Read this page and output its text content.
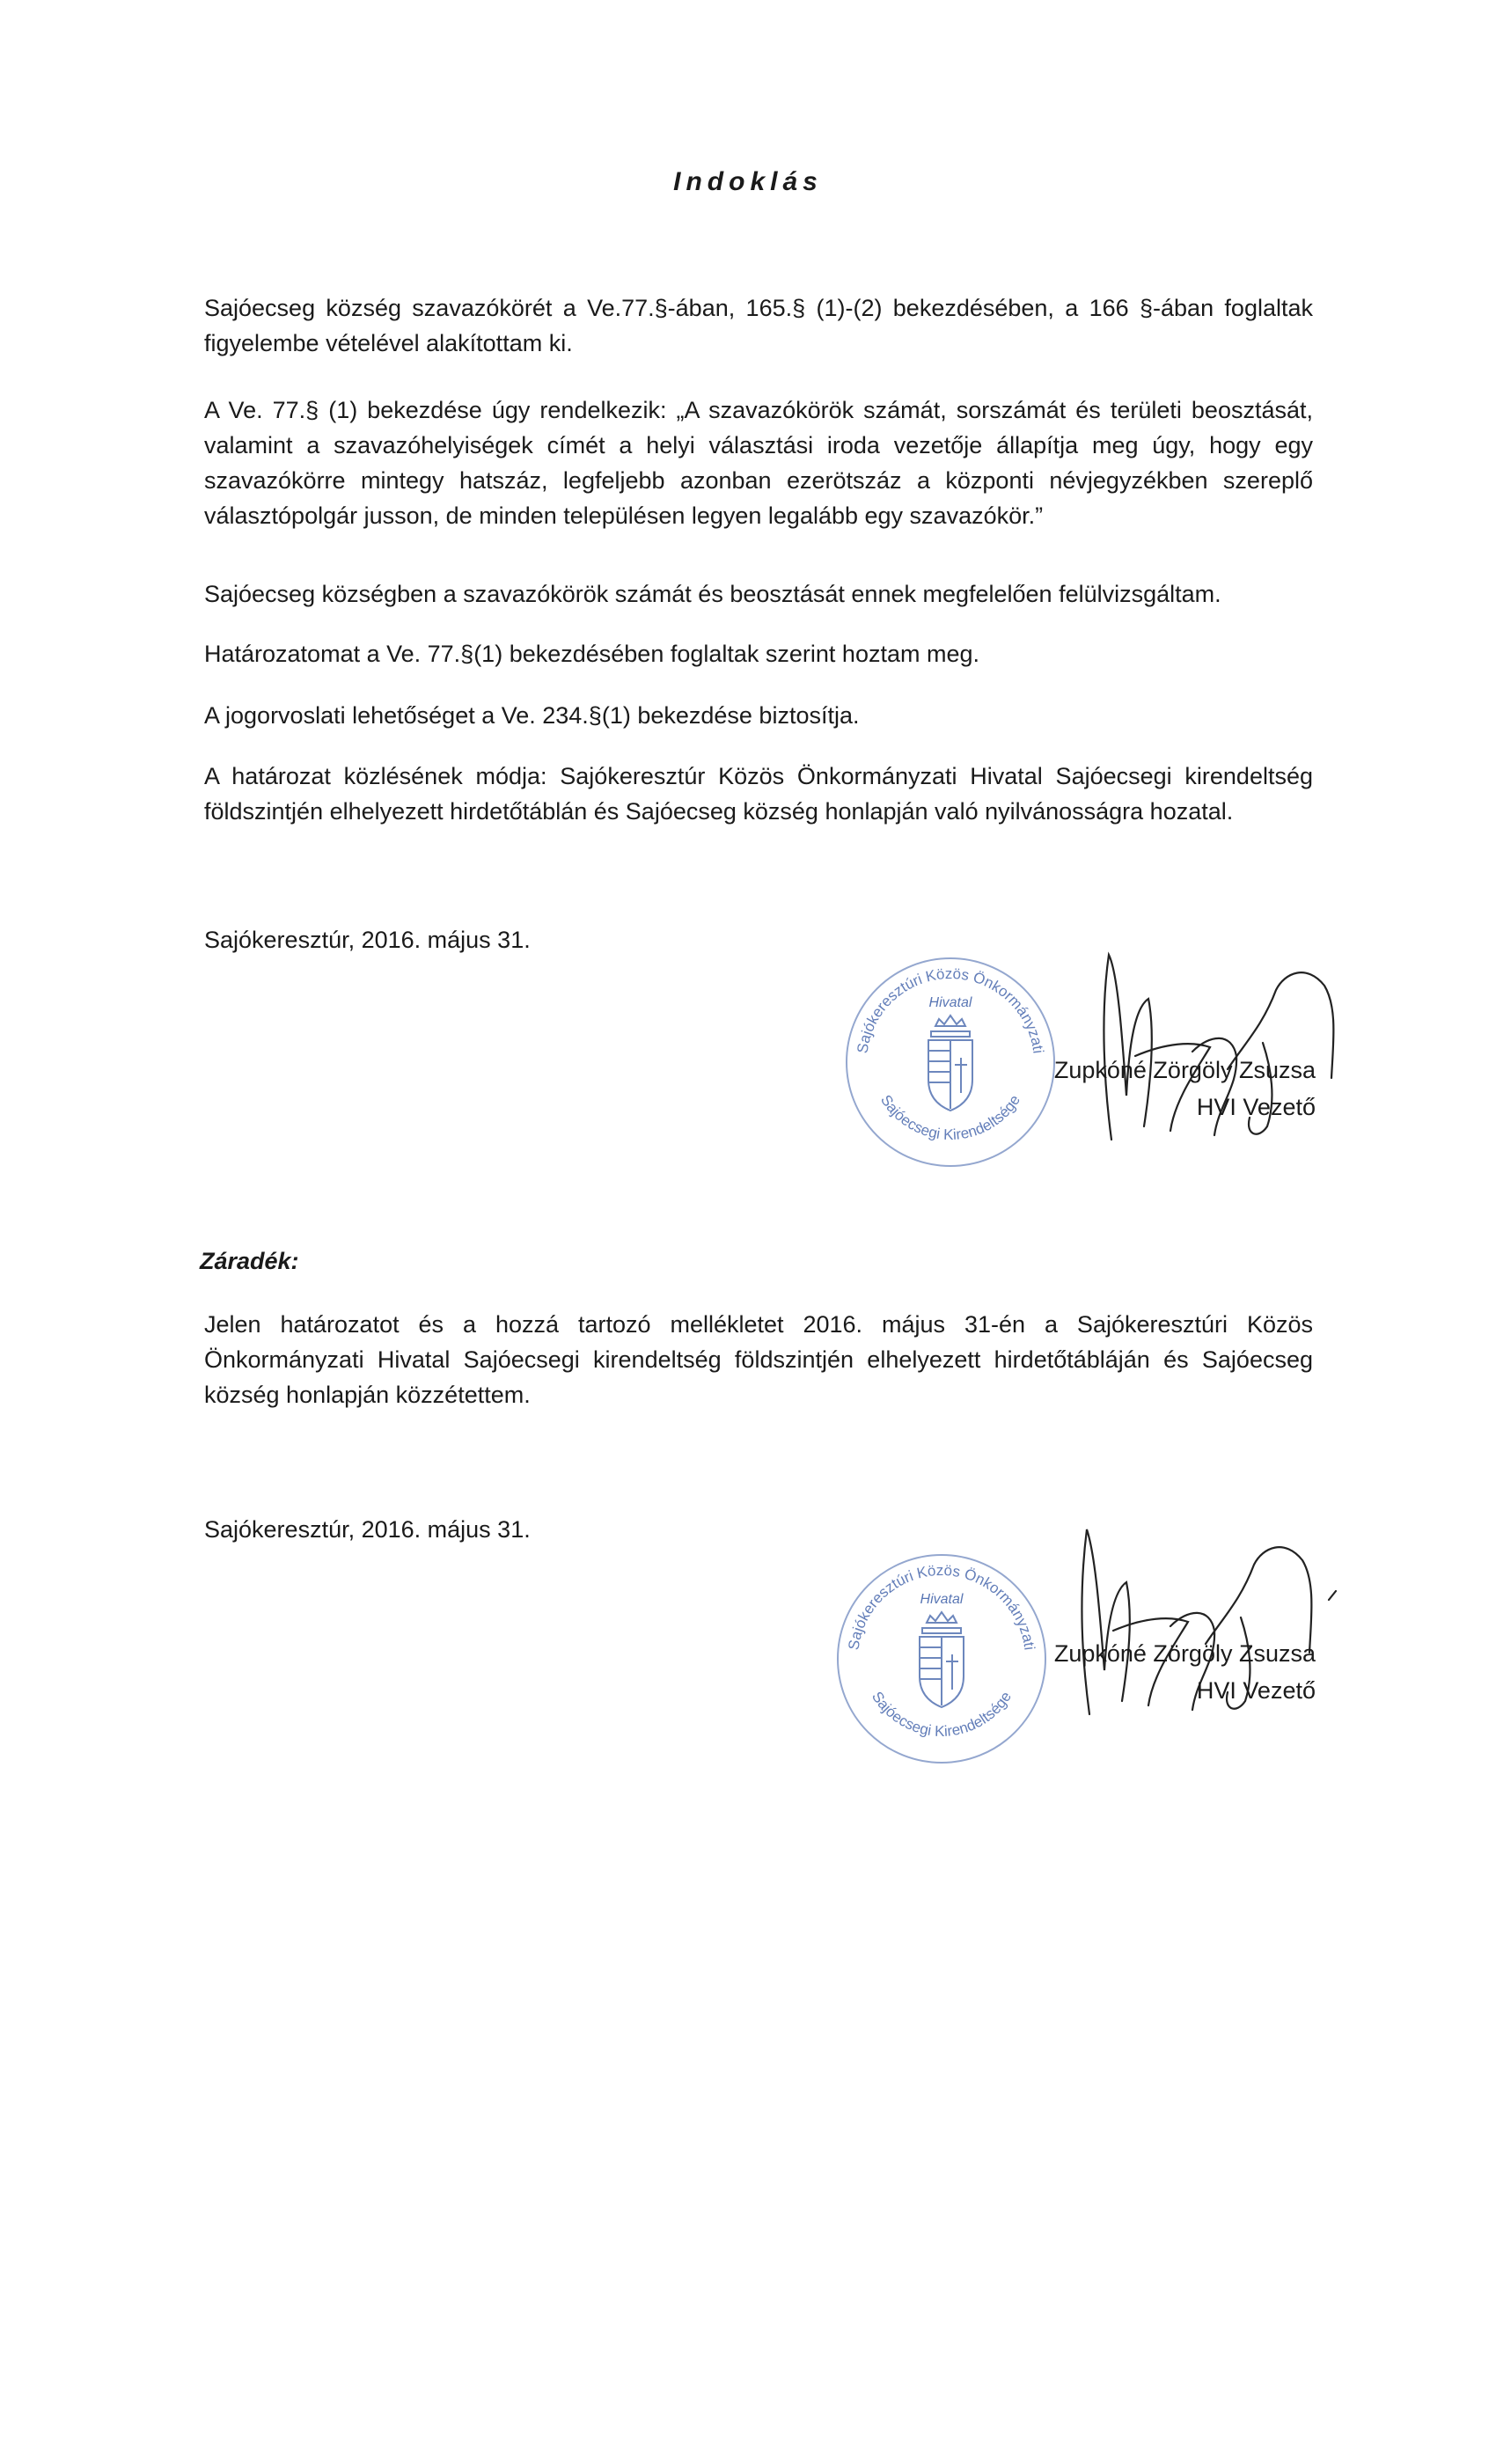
Indoklás

Sajóecseg község szavazókörét a Ve.77.§-ában, 165.§ (1)-(2) bekezdésében, a 166 §-ában foglaltak figyelembe vételével alakítottam ki.

A Ve. 77.§ (1) bekezdése úgy rendelkezik: „A szavazókörök számát, sorszámát és területi beosztását, valamint a szavazóhelyiségek címét a helyi választási iroda vezetője állapítja meg úgy, hogy egy szavazókörre mintegy hatszáz, legfeljebb azonban ezerötszáz a központi névjegyzékben szereplő választópolgár jusson, de minden településen legyen legalább egy szavazókör.”

Sajóecseg községben a szavazókörök számát és beosztását ennek megfelelően felülvizsgáltam.

Határozatomat a Ve. 77.§(1) bekezdésében foglaltak szerint hoztam meg.

A jogorvoslati lehetőséget a Ve. 234.§(1) bekezdése biztosítja.

A határozat közlésének módja: Sajókeresztúr Közös Önkormányzati Hivatal Sajóecsegi kirendeltség földszintjén elhelyezett hirdetőtáblán és Sajóecseg község honlapján való nyilvánosságra hozatal.

Sajókeresztúr, 2016. május 31.

Sajókeresztúri Közös Önkormányzati
Sajóecsegi Kirendeltsége
Hivatal
Zupkóné Zörgöly Zsuzsa
HVI Vezető

Záradék:

Jelen határozatot és a hozzá tartozó mellékletet 2016. május 31-én a Sajókeresztúri Közös Önkormányzati Hivatal Sajóecsegi kirendeltség földszintjén elhelyezett hirdetőtábláján és Sajóecseg község honlapján közzétettem.

Sajókeresztúr, 2016. május 31.

Sajókeresztúri Közös Önkormányzati
Sajóecsegi Kirendeltsége
Hivatal
Zupkóné Zörgöly Zsuzsa
HVI Vezető
